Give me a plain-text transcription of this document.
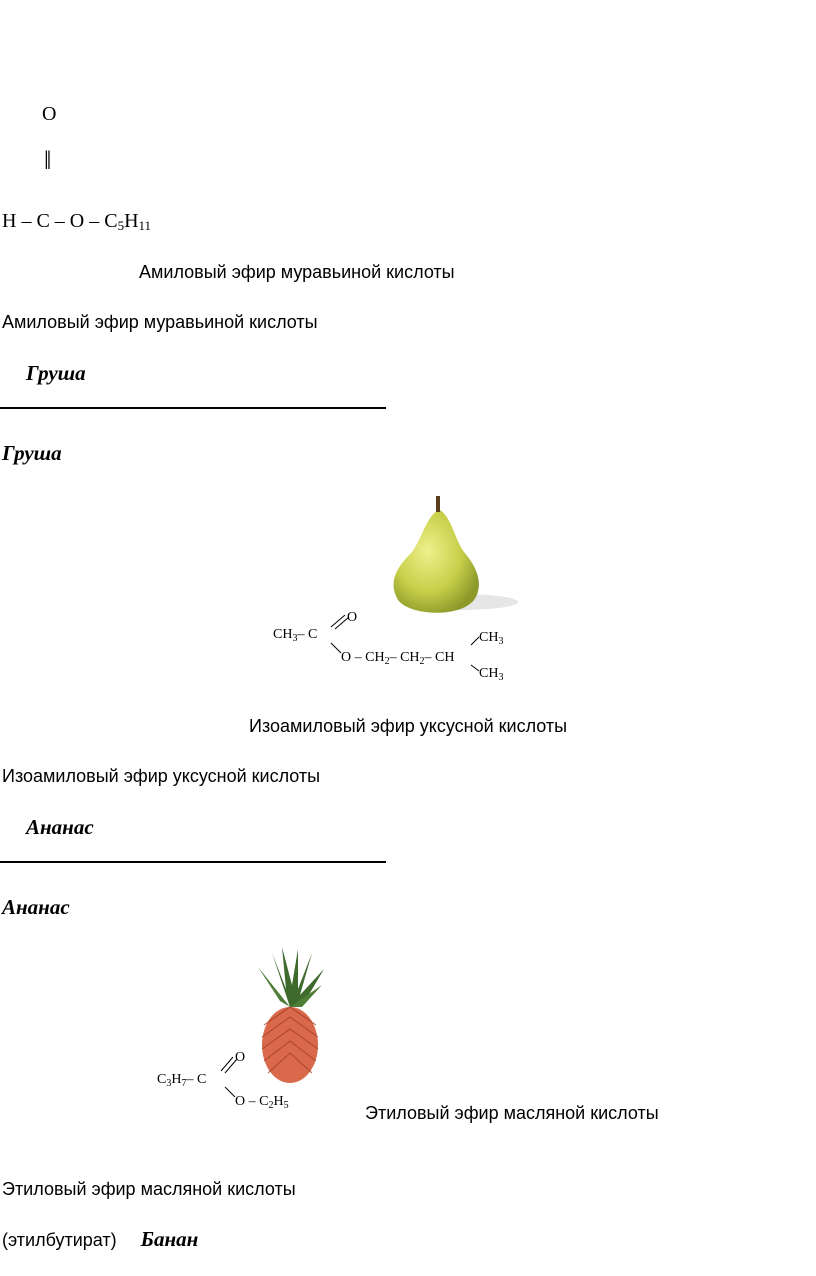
O
‖
H – C – O – $C_5H_{11}$
Амиловый эфир муравьиной кислоты
Амиловый эфир муравьиной кислоты
Груша
Груша
$CH_3-$ C
O
O – $CH_2-$ $CH_2-$ CH
$CH_3$
$CH_3$
Изоамиловый эфир уксусной кислоты
Изоамиловый эфир уксусной кислоты
Ананас
Ананас
$C_3H_7-$ C
O
O – $C_2H_5$	Этиловый эфир масляной кислоты
Этиловый эфир масляной кислоты
(этилбутират) Банан
